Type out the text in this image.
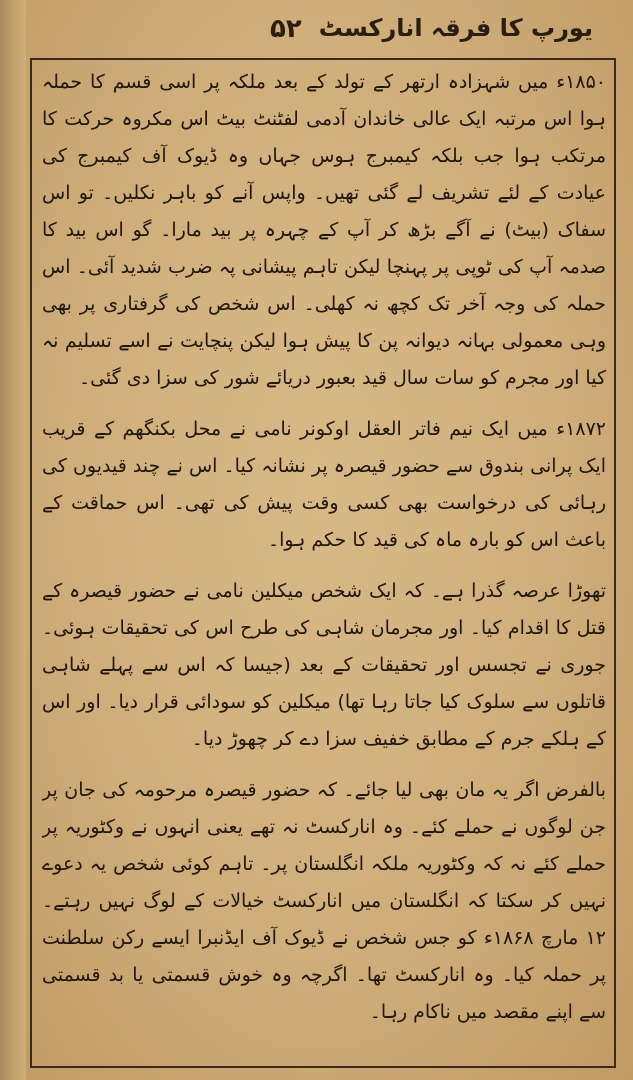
یورپ کا فرقہ انارکسٹ
۵۲

۱۸۵۰ء میں شہزادہ ارتھر کے تولد کے بعد ملکہ پر اسی قسم کا حملہ ہوا اس مرتبہ ایک عالی خاندان آدمی لفٹنٹ بیٹ اس مکروہ حرکت کا مرتکب ہوا جب بلکہ کیمبرج ہوس جہاں وہ ڈیوک آف کیمبرج کی عیادت کے لئے تشریف لے گئی تھیں۔ واپس آنے کو باہر نکلیں۔ تو اس سفاک (بیٹ) نے آگے بڑھ کر آپ کے چہرہ پر بید مارا۔ گو اس بید کا صدمہ آپ کی ٹوپی پر پہنچا لیکن تاہم پیشانی پہ ضرب شدید آئی۔ اس حملہ کی وجہ آخر تک کچھ نہ کھلی۔ اس شخص کی گرفتاری پر بھی وہی معمولی بہانہ دیوانہ پن کا پیش ہوا لیکن پنچایت نے اسے تسلیم نہ کیا اور مجرم کو سات سال قید بعبور دریائے شور کی سزا دی گئی۔

۱۸۷۲ء میں ایک نیم فاتر العقل اوکونر نامی نے محل بکنگھم کے قریب ایک پرانی بندوق سے حضور قیصرہ پر نشانہ کیا۔ اس نے چند قیدیوں کی رہائی کی درخواست بھی کسی وقت پیش کی تھی۔ اس حماقت کے باعث اس کو بارہ ماہ کی قید کا حکم ہوا۔

تھوڑا عرصہ گذرا ہے۔ کہ ایک شخص میکلین نامی نے حضور قیصرہ کے قتل کا اقدام کیا۔ اور مجرمان شاہی کی طرح اس کی تحقیقات ہوئی۔ جوری نے تجسس اور تحقیقات کے بعد (جیسا کہ اس سے پہلے شاہی قاتلوں سے سلوک کیا جاتا رہا تھا) میکلین کو سودائی قرار دیا۔ اور اس کے ہلکے جرم کے مطابق خفیف سزا دے کر چھوڑ دیا۔

بالفرض اگر یہ مان بھی لیا جائے۔ کہ حضور قیصرہ مرحومہ کی جان پر جن لوگوں نے حملے کئے۔ وہ انارکسٹ نہ تھے یعنی انہوں نے وکٹوریہ پر حملے کئے نہ کہ وکٹوریہ ملکہ انگلستان پر۔ تاہم کوئی شخص یہ دعوے نہیں کر سکتا کہ انگلستان میں انارکسٹ خیالات کے لوگ نہیں رہتے۔ ۱۲ مارچ ۱۸۶۸ء کو جس شخص نے ڈیوک آف ایڈنبرا ایسے رکن سلطنت پر حملہ کیا۔ وہ انارکسٹ تھا۔ اگرچہ وہ خوش قسمتی یا بد قسمتی سے اپنے مقصد میں ناکام رہا۔
